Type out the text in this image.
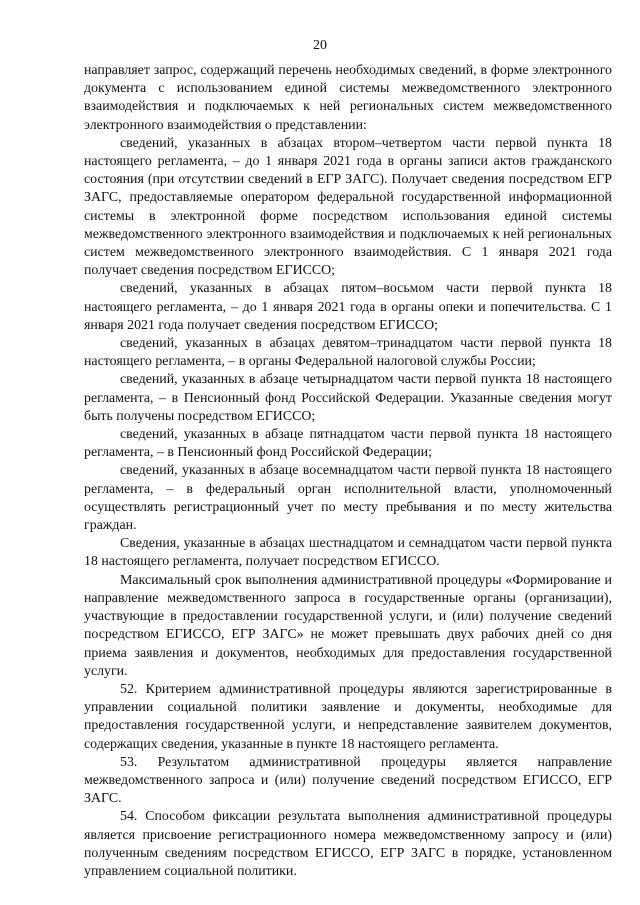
20

направляет запрос, содержащий перечень необходимых сведений, в форме электронного документа с использованием единой системы межведомственного электронного взаимодействия и подключаемых к ней региональных систем межведомственного электронного взаимодействия о представлении:

сведений, указанных в абзацах втором–четвертом части первой пункта 18 настоящего регламента, – до 1 января 2021 года в органы записи актов гражданского состояния (при отсутствии сведений в ЕГР ЗАГС). Получает сведения посредством ЕГР ЗАГС, предоставляемые оператором федеральной государственной информационной системы в электронной форме посредством использования единой системы межведомственного электронного взаимодействия и подключаемых к ней региональных систем межведомственного электронного взаимодействия. С 1 января 2021 года получает сведения посредством ЕГИССО;

сведений, указанных в абзацах пятом–восьмом части первой пункта 18 настоящего регламента, – до 1 января 2021 года в органы опеки и попечительства. С 1 января 2021 года получает сведения посредством ЕГИССО;

сведений, указанных в абзацах девятом–тринадцатом части первой пункта 18 настоящего регламента, – в органы Федеральной налоговой службы России;

сведений, указанных в абзаце четырнадцатом части первой пункта 18 настоящего регламента, – в Пенсионный фонд Российской Федерации. Указанные сведения могут быть получены посредством ЕГИССО;

сведений, указанных в абзаце пятнадцатом части первой пункта 18 настоящего регламента, – в Пенсионный фонд Российской Федерации;

сведений, указанных в абзаце восемнадцатом части первой пункта 18 настоящего регламента, – в федеральный орган исполнительной власти, уполномоченный осуществлять регистрационный учет по месту пребывания и по месту жительства граждан.

Сведения, указанные в абзацах шестнадцатом и семнадцатом части первой пункта 18 настоящего регламента, получает посредством ЕГИССО.

Максимальный срок выполнения административной процедуры «Формирование и направление межведомственного запроса в государственные органы (организации), участвующие в предоставлении государственной услуги, и (или) получение сведений посредством ЕГИССО, ЕГР ЗАГС» не может превышать двух рабочих дней со дня приема заявления и документов, необходимых для предоставления государственной услуги.

52. Критерием административной процедуры являются зарегистрированные в управлении социальной политики заявление и документы, необходимые для предоставления государственной услуги, и непредставление заявителем документов, содержащих сведения, указанные в пункте 18 настоящего регламента.

53. Результатом административной процедуры является направление межведомственного запроса и (или) получение сведений посредством ЕГИССО, ЕГР ЗАГС.

54. Способом фиксации результата выполнения административной процедуры является присвоение регистрационного номера межведомственному запросу и (или) полученным сведениям посредством ЕГИССО, ЕГР ЗАГС в порядке, установленном управлением социальной политики.
